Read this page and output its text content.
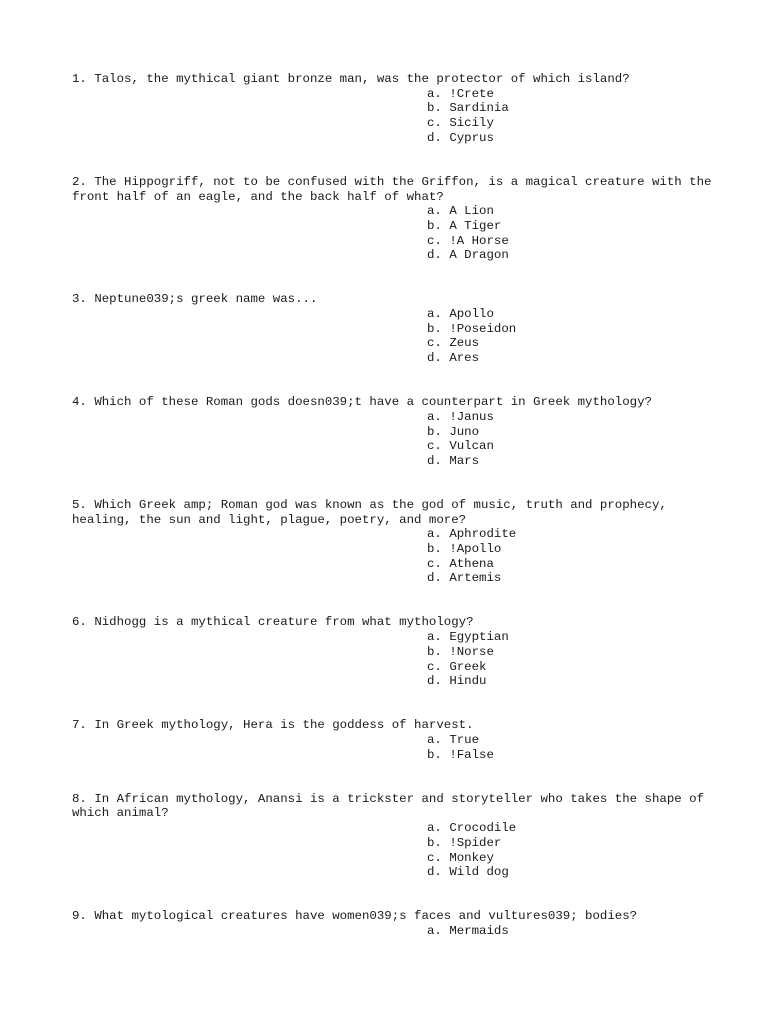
1. Talos, the mythical giant bronze man, was the protector of which island?

a. !Crete
b. Sardinia
c. Sicily
d. Cyprus

2. The Hippogriff, not to be confused with the Griffon, is a magical creature with the front half of an eagle, and the back half of what?

a. A Lion
b. A Tiger
c. !A Horse
d. A Dragon

3. Neptune039;s greek name was...

a. Apollo
b. !Poseidon
c. Zeus
d. Ares

4. Which of these Roman gods doesn039;t have a counterpart in Greek mythology?

a. !Janus
b. Juno
c. Vulcan
d. Mars

5. Which Greek amp; Roman god was known as the god of music, truth and prophecy, healing, the sun and light, plague, poetry, and more?

a. Aphrodite
b. !Apollo
c. Athena
d. Artemis

6. Nidhogg is a mythical creature from what mythology?

a. Egyptian
b. !Norse
c. Greek
d. Hindu

7. In Greek mythology, Hera is the goddess of harvest.

a. True
b. !False

8. In African mythology, Anansi is a trickster and storyteller who takes the shape of which animal?

a. Crocodile
b. !Spider
c. Monkey
d. Wild dog

9. What mytological creatures have women039;s faces and vultures039; bodies?

a. Mermaids
